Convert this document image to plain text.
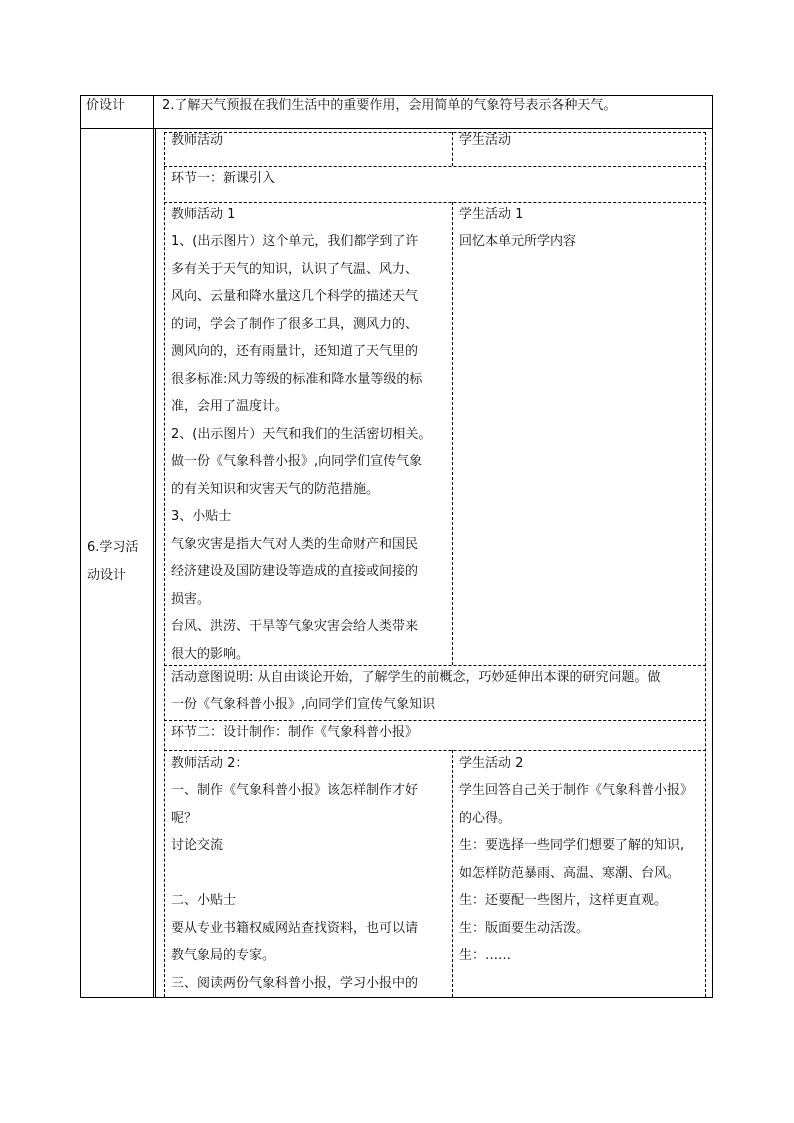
价设计	2.了解天气预报在我们生活中的重要作用，会用简单的气象符号表示各种天气。
6.学习活
动设计
教师活动	学生活动
环节一：新课引入
教师活动 1
1、(出示图片）这个单元，我们都学到了许
多有关于天气的知识，认识了气温、风力、
风向、云量和降水量这几个科学的描述天气
的词，学会了制作了很多工具，测风力的、
测风向的，还有雨量计，还知道了天气里的
很多标准:风力等级的标准和降水量等级的标
准，会用了温度计。
2、(出示图片）天气和我们的生活密切相关。
做一份《气象科普小报》,向同学们宣传气象
的有关知识和灾害天气的防范措施。
3、小贴士
气象灾害是指大气对人类的生命财产和国民
经济建设及国防建设等造成的直接或间接的
损害。
台风、洪涝、干旱等气象灾害会给人类带来
很大的影响。
学生活动 1
回忆本单元所学内容
活动意图说明: 从自由谈论开始，了解学生的前概念，巧妙延伸出本课的研究问题。做
一份《气象科普小报》,向同学们宣传气象知识
环节二：设计制作：制作《气象科普小报》
教师活动 2：
一、制作《气象科普小报》该怎样制作才好
呢？
讨论交流
二、小贴士
要从专业书籍权威网站查找资料，也可以请
教气象局的专家。
三、阅读两份气象科普小报，学习小报中的
学生活动 2
学生回答自己关于制作《气象科普小报》
的心得。
生：要选择一些同学们想要了解的知识,
如怎样防范暴雨、高温、寒潮、台风。
生：还要配一些图片，这样更直观。
生：版面要生动活泼。
生：……
